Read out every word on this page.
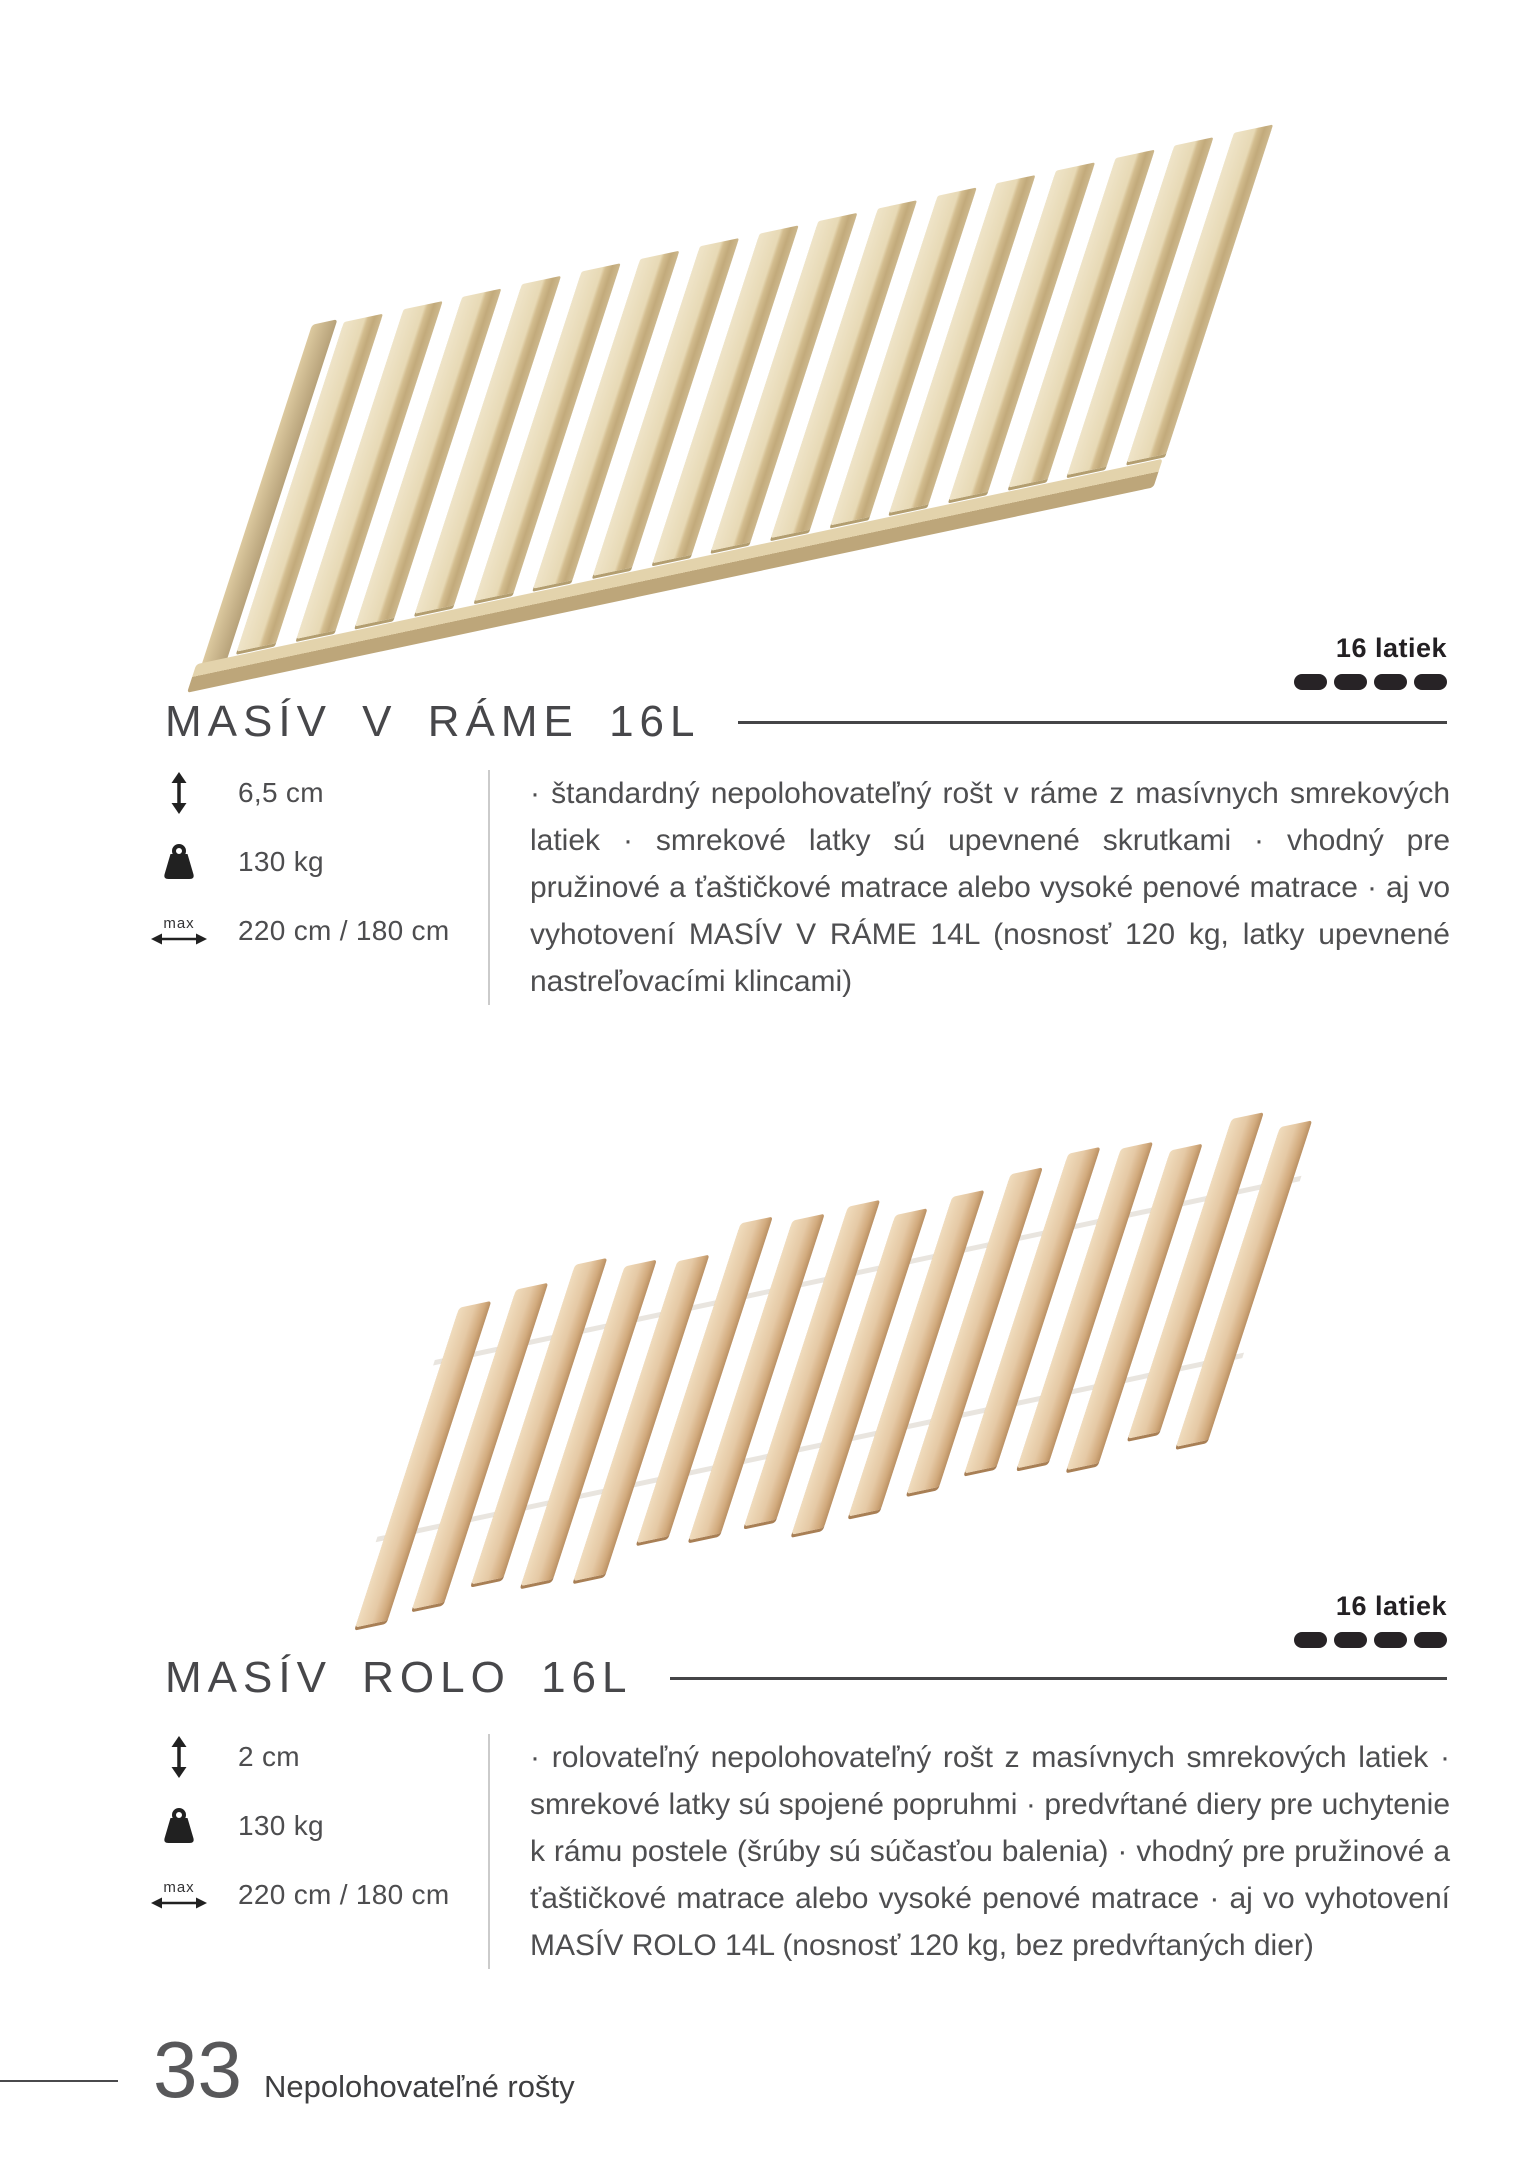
16 latiek
MASÍV V RÁME 16L
6,5 cm
130 kg
max 220 cm / 180 cm
· štandardný nepolohovateľný rošt v ráme z masívnych smrekových latiek · smrekové latky sú upevnené skrutkami · vhodný pre pružinové a ťaštičkové matrace alebo vysoké penové matrace · aj vo vyhotovení MASÍV V RÁME 14L (nosnosť 120 kg, latky upevnené nastreľovacími klincami)
16 latiek
MASÍV ROLO 16L
2 cm
130 kg
max 220 cm / 180 cm
· rolovateľný nepolohovateľný rošt z masívnych smrekových latiek · smrekové latky sú spojené popruhmi · predvŕtané diery pre uchytenie k rámu postele (šrúby sú súčasťou balenia) · vhodný pre pružinové a ťaštičkové matrace alebo vysoké penové matrace · aj vo vyhotovení MASÍV ROLO 14L (nosnosť 120 kg, bez predvŕtaných dier)
33 Nepolohovateľné rošty
